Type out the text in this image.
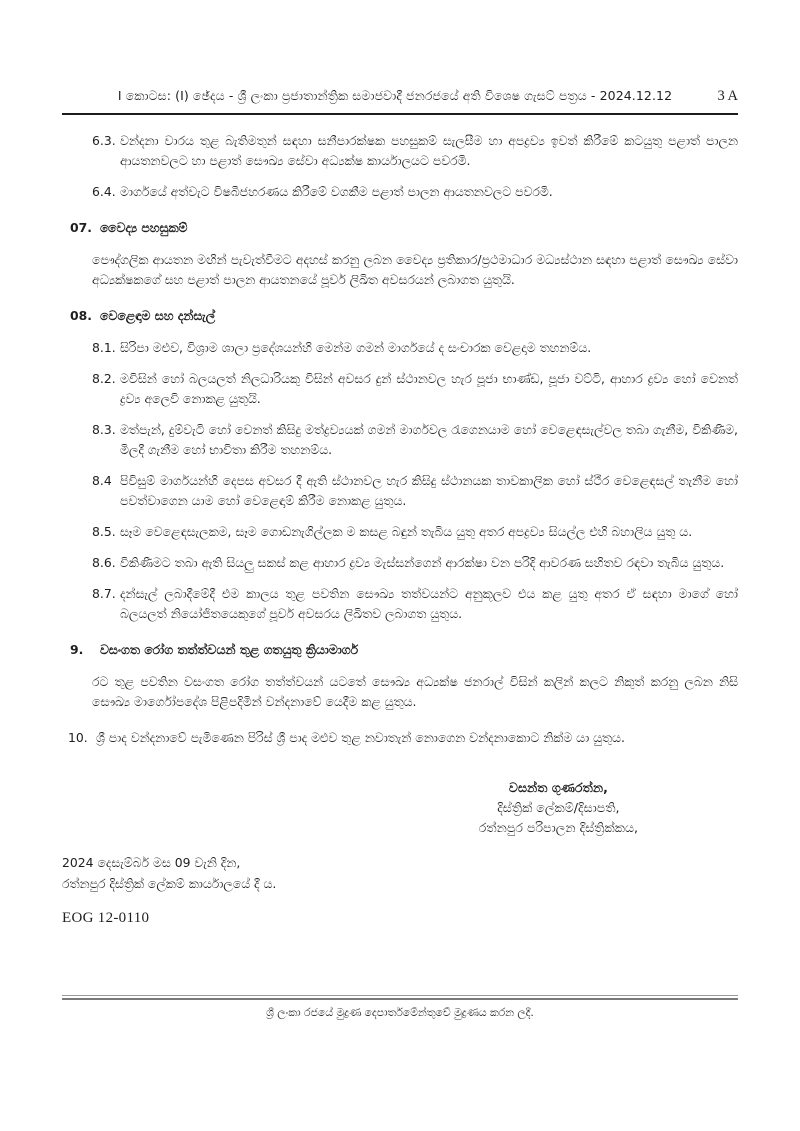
I කොටස: (I) ඡේදය - ශ්‍රී ලංකා ප්‍රජාතාන්ත්‍රික සමාජවාදී ජනරජයේ අති විශෙෂ ගැසට් පත්‍රය - 2024.12.12	3 A
6.3. වන්දනා වාරය තුළ බැතිමතුන් සඳහා සනීපාරක්ෂක පහසුකම් සැලසීම හා අපද්‍රව්‍ය ඉවත් කිරීමේ කටයුතු පළාත් පාලන ආයතනවලට හා පළාත් සෞඛ්‍ය සේවා අධ්‍යක්ෂ කාර්යාලයට පවරමි.
6.4. මාර්ගයේ අත්වැට විෂබීජහරණය කිරීමේ වගකීම පළාත් පාලන ආයතනවලට පවරමි.
07. වෛද්‍ය පහසුකම්
පෞද්ගලික ආයතන මඟින් පැවැත්වීමට අදහස් කරනු ලබන වෛද්‍ය ප්‍රතිකාර/ප්‍රථමාධාර මධ්‍යස්ථාන සඳහා පළාත් සෞඛ්‍ය සේවා අධ්‍යක්ෂකගේ සහ පළාත් පාලන ආයතනයේ පූර්ව ලිඛිත අවසරයන් ලබාගත යුතුයි.
08. වෙළෙඳාම සහ දන්සැල්
8.1. සිරිපා මළුව, විශ්‍රාම ශාලා ප්‍රදේශයන්හි මෙන්ම ගමන් මාර්ගයේ ද සංචාරක වෙළදාම තහනම්ය.
8.2. මවිසින් හෝ බලයලත් නිලධාරියකු විසින් අවසර දුන් ස්ථානවල හැර පූජා භාණ්ඩ, පූජා වට්ටි, ආහාර ද්‍රව්‍ය හෝ වෙනත් ද්‍රව්‍ය අලෙවි නොකළ යුතුයි.
8.3. මත්පැන්, දුම්වැටි හෝ වෙනත් කිසිදු මත්ද්‍රව්‍යයක් ගමන් මාර්ගවල රැගෙනයාම හෝ වෙළෙඳසැල්වල තබා ගැනීම, විකිණීම, මිලදී ගැනීම හෝ භාවිතා කිරීම තහනම්ය.
8.4 පිවිසුම් මාර්ගයන්හි දෙපස අවසර දී ඇති ස්ථානවල හැර කිසිදු ස්ථානයක තාවකාලික හෝ ස්ථීර වෙළෙඳසල් තැනීම හෝ පවත්වාගෙන යාම හෝ වෙළෙඳාම් කිරීම නොකළ යුතුය.
8.5. සෑම වෙළෙඳසැලකම, සෑම ගොඩනැගිල්ලක ම කසළ බඳුන් තැබිය යුතු අතර අපද්‍රව්‍ය සියල්ල එහි බහාලිය යුතු ය.
8.6. විකිණීමට තබා ඇති සියලු සකස් කළ ආහාර ද්‍රව්‍ය මැස්සන්ගෙන් ආරක්ෂා වන පරිදි ආවරණ සහිතව රඳවා තැබිය යුතුය.
8.7. දන්සැල් ලබාදීමේදී එම කාලය තුළ පවතින සෞඛ්‍ය තත්වයන්ට අනුකූලව එය කළ යුතු අතර ඒ සඳහා මාගේ හෝ බලයලත් නියෝජිතයෙකුගේ පූර්ව අවසරය ලිඛිතව ලබාගත යුතුය.
9.	වසංගත රෝග තත්ත්වයන් තුළ ගතයුතු ක්‍රියාමාර්ග
රට තුළ පවතින වසංගත රෝග තත්ත්වයන් යටතේ සෞඛ්‍ය අධ්‍යක්ෂ ජනරාල් විසින් කලින් කලට නිකුත් කරනු ලබන නිසි සෞඛ්‍ය මාර්ගෝපදේශ පිළිපදිමින් වන්දනාවේ යෙදීම කළ යුතුය.
10. ශ්‍රී පාද වන්දනාවේ පැමිණෙන පිරිස් ශ්‍රී පාද මළුව තුළ නවාතැන් නොගෙන වන්දනාකොට නික්ම යා යුතුය.
වසන්ත ගුණරත්න,
දිස්ත්‍රික් ලේකම්/දිසාපති,
රත්නපුර පරිපාලන දිස්ත්‍රික්කය,
2024 දෙසැම්බර් මස 09 වැනි දින,
රත්නපුර දිස්ත්‍රික් ලේකම් කාර්යාලයේ දී ය.
EOG 12-0110
ශ්‍රී ලංකා රජයේ මුද්‍රණ දෙපාර්තමේන්තුවේ මුද්‍රණය කරන ලදී.
